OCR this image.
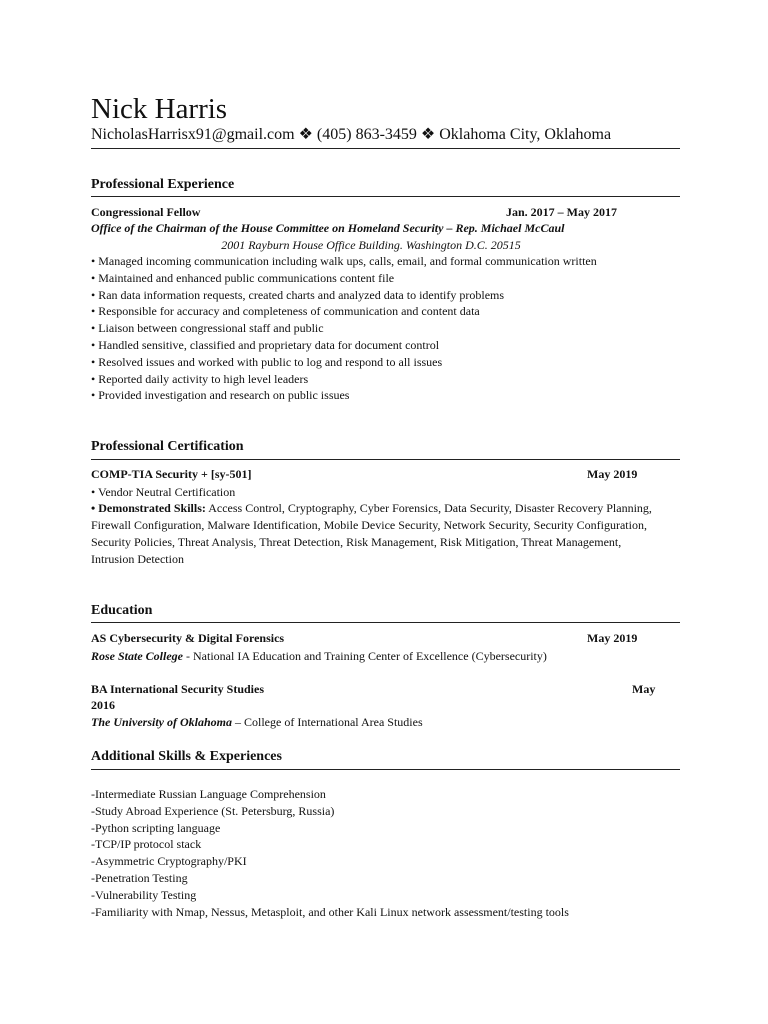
Nick Harris
NicholasHarrisx91@gmail.com ❖ (405) 863-3459 ❖ Oklahoma City, Oklahoma
Professional Experience
Congressional Fellow	Jan. 2017 – May 2017
Office of the Chairman of the House Committee on Homeland Security – Rep. Michael McCaul
2001 Rayburn House Office Building. Washington D.C. 20515
• Managed incoming communication including walk ups, calls, email, and formal communication written
• Maintained and enhanced public communications content file
• Ran data information requests, created charts and analyzed data to identify problems
• Responsible for accuracy and completeness of communication and content data
• Liaison between congressional staff and public
• Handled sensitive, classified and proprietary data for document control
• Resolved issues and worked with public to log and respond to all issues
• Reported daily activity to high level leaders
• Provided investigation and research on public issues
Professional Certification
COMP-TIA Security + [sy-501]	May 2019
• Vendor Neutral Certification
• Demonstrated Skills: Access Control, Cryptography, Cyber Forensics, Data Security, Disaster Recovery Planning, Firewall Configuration, Malware Identification, Mobile Device Security, Network Security, Security Configuration, Security Policies, Threat Analysis, Threat Detection, Risk Management, Risk Mitigation, Threat Management, Intrusion Detection
Education
AS Cybersecurity & Digital Forensics	May 2019
Rose State College - National IA Education and Training Center of Excellence (Cybersecurity)
BA International Security Studies	May
2016
The University of Oklahoma – College of International Area Studies
Additional Skills & Experiences
-Intermediate Russian Language Comprehension
-Study Abroad Experience (St. Petersburg, Russia)
-Python scripting language
-TCP/IP protocol stack
-Asymmetric Cryptography/PKI
-Penetration Testing
-Vulnerability Testing
-Familiarity with Nmap, Nessus, Metasploit, and other Kali Linux network assessment/testing tools
